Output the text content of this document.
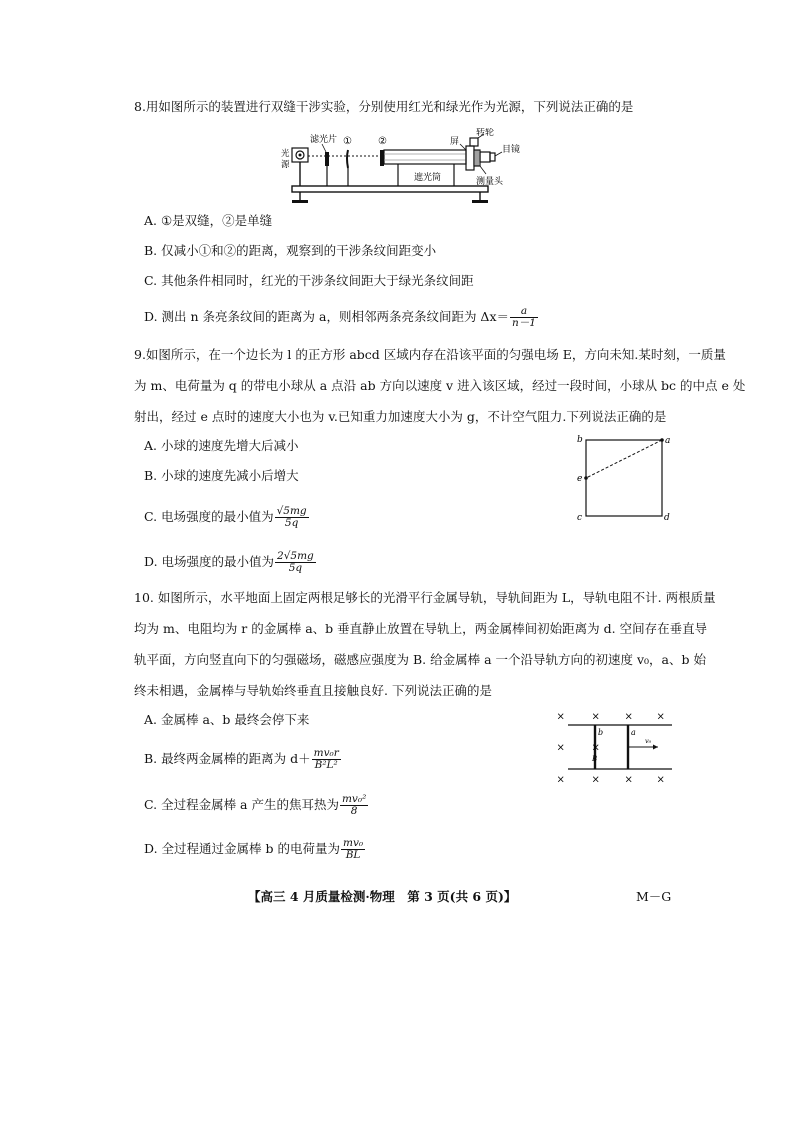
8.用如图所示的装置进行双缝干涉实验，分别使用红光和绿光作为光源，下列说法正确的是
光
源
滤光片 ①	②	屏
转轮
目镜
遮光筒	测量头
A. ①是双缝，②是单缝
B. 仅减小①和②的距离，观察到的干涉条纹间距变小
C. 其他条件相同时，红光的干涉条纹间距大于绿光条纹间距
D. 测出 n 条亮条纹间的距离为 a，则相邻两条亮条纹间距为 $\Delta x= \frac{a}{n-1}$
9.如图所示，在一个边长为 l 的正方形 abcd 区域内存在沿该平面的匀强电场 E，方向未知.某时刻，一质量
为 m、电荷量为 q 的带电小球从 a 点沿 ab 方向以速度 v 进入该区域，经过一段时间，小球从 bc 的中点 e 处
射出，经过 e 点时的速度大小也为 v.已知重力加速度大小为 g，不计空气阻力.下列说法正确的是
b	a
e
c	d
A. 小球的速度先增大后减小
B. 小球的速度先减小后增大
C. 电场强度的最小值为 $\frac{√5mg}{5q}$
D. 电场强度的最小值为 $\frac{2√5mg}{5q}$
10. 如图所示，水平地面上固定两根足够长的光滑平行金属导轨，导轨间距为 L，导轨电阻不计. 两根质量
均为 m、电阻均为 r 的金属棒 a、b 垂直静止放置在导轨上，两金属棒间初始距离为 d. 空间存在垂直导
轨平面，方向竖直向下的匀强磁场，磁感应强度为 B. 给金属棒 a 一个沿导轨方向的初速度 v₀，a、b 始
终未相遇，金属棒与导轨始终垂直且接触良好. 下列说法正确的是
b	a
B
v₀
×	× × ×
×	×
×	× × ×
A. 金属棒 a、b 最终会停下来
B. 最终两金属棒的距离为 $d+ \frac{\text{mv₀r}}{\text{B²L²}}$
C. 全过程金属棒 a 产生的焦耳热为 $\frac{\text{mv₀²}}{8}$
D. 全过程通过金属棒 b 的电荷量为 $\frac{\text{mv₀}}{BL}$
【高三 4 月质量检测·物理　第 3 页(共 6 页)】	M－G
